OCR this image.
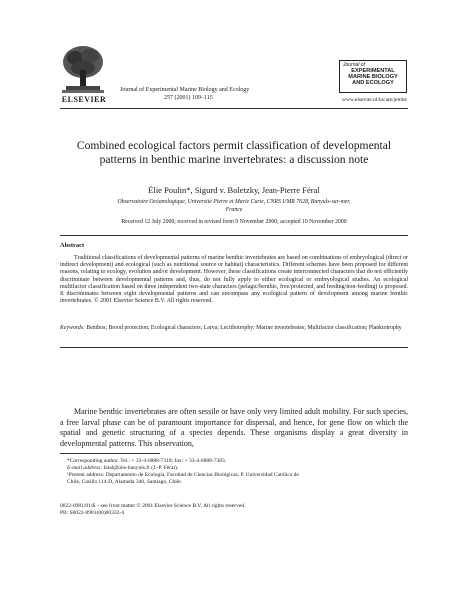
ELSEVIER
Journal of Experimental Marine Biology and Ecology
257 (2001) 109–115
Journal of
EXPERIMENTAL
MARINE BIOLOGY
AND ECOLOGY
www.elsevier.nl/locate/jembe
Combined ecological factors permit classification of developmental patterns in benthic marine invertebrates: a discussion note
Élie Poulin*, Sigurd v. Boletzky, Jean-Pierre Féral
Observatoire Océanologique, Université Pierre et Marie Curie, CNRS UMR 7628, Banyuls-sur-mer,
France
Received 12 July 2000; received in revised form 9 November 2000; accepted 10 November 2000
Abstract
Traditional classifications of developmental patterns of marine benthic invertebrates are based on combinations of embryological (direct or indirect development) and ecological (such as nutritional source or habitat) characteristics. Different schemes have been proposed for different reasons, relating to ecology, evolution and/or development. However, these classifications create interconnected characters that do not efficiently discriminate between developmental patterns and, thus, do not fully apply to either ecological or embryological studies. An ecological multifactor classification based on three independent two-state characters (pelagic/benthic, free/protected, and feeding/non-feeding) is proposed. It discriminates between eight developmental patterns and can encompass any ecological pattern of development among marine benthic invertebrates. © 2001 Elsevier Science B.V. All rights reserved.
Keywords: Benthos; Brood protection; Ecological characters; Larva; Lecithotrophy; Marine invertebrates; Multifactor classification; Planktotrophy
Marine benthic invertebrates are often sessile or have only very limited adult mobility. For such species, a free larval phase can be of paramount importance for dispersal, and hence, for gene flow on which the spatial and genetic structuring of a species depends. These organisms display a great diversity in developmental patterns. This observation,
*Corresponding author. Tel.: + 33-4-6888-7318; fax: + 33-4-6888-7383.
E-mail address: fatal@obs-banyuls.fr (J.-P. Féral).
¹Present address: Departamento de Ecología, Facultad de Ciencias Biológicas, P. Universidad Católica de
Chile, Casilla 114-D, Alameda 340, Santiago, Chile.
0022-0981/01/$ – see front matter © 2001 Elsevier Science B.V. All rights reserved.
PII: S0022-0981(00)00332-4
